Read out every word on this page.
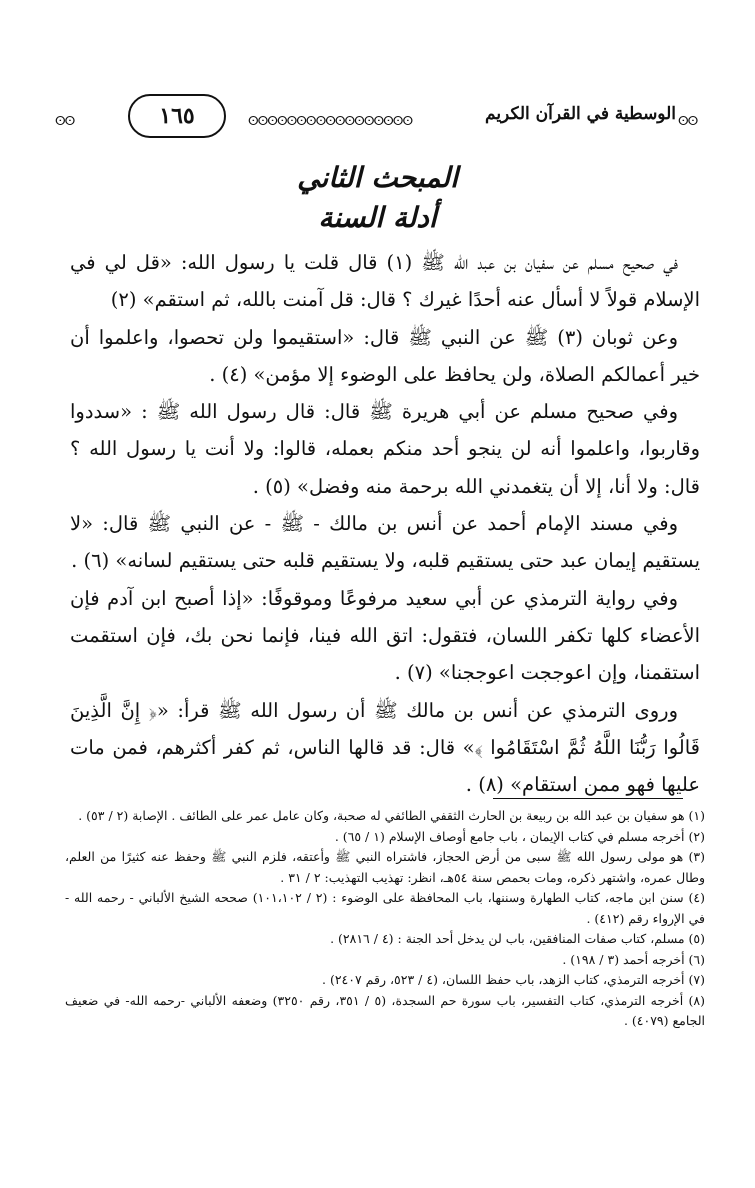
ⵙⵙ	١٦٥	ⵙⵙⵙⵙⵙⵙⵙⵙⵙⵙⵙⵙⵙⵙⵙⵙⵙ	الوسطية في القرآن الكريم ⵙⵙ
المبحث الثاني
أدلة السنة

في صحيح مسلم عن سفيان بن عبد الله ﷺ (١) قال قلت يا رسول الله: «قل لي في الإسلام قولاً لا أسأل عنه أحدًا غيرك ؟ قال: قل آمنت بالله، ثم استقم» (٢)

وعن ثوبان (٣) ﷺ عن النبي ﷺ قال: «استقيموا ولن تحصوا، واعلموا أن خير أعمالكم الصلاة، ولن يحافظ على الوضوء إلا مؤمن» (٤) .

وفي صحيح مسلم عن أبي هريرة ﷺ قال: قال رسول الله ﷺ : «سددوا وقاربوا، واعلموا أنه لن ينجو أحد منكم بعمله، قالوا: ولا أنت يا رسول الله ؟ قال: ولا أنا، إلا أن يتغمدني الله برحمة منه وفضل» (٥) .

وفي مسند الإمام أحمد عن أنس بن مالك - ﷺ - عن النبي ﷺ قال: «لا يستقيم إيمان عبد حتى يستقيم قلبه، ولا يستقيم قلبه حتى يستقيم لسانه» (٦) .

وفي رواية الترمذي عن أبي سعيد مرفوعًا وموقوفًا: «إذا أصبح ابن آدم فإن الأعضاء كلها تكفر اللسان، فتقول: اتق الله فينا، فإنما نحن بك، فإن استقمت استقمنا، وإن اعوججت اعوججنا» (٧) .

وروى الترمذي عن أنس بن مالك ﷺ أن رسول الله ﷺ قرأ: «﴿ إِنَّ الَّذِينَ قَالُوا رَبُّنَا اللَّهُ ثُمَّ اسْتَقَامُوا ﴾» قال: قد قالها الناس، ثم كفر أكثرهم، فمن مات عليها فهو ممن استقام» (٨) .

(١) هو سفيان بن عبد الله بن ربيعة بن الحارث الثقفي الطائفي له صحبة، وكان عامل عمر على الطائف . الإصابة (٢ / ٥٣) .

(٢) أخرجه مسلم في كتاب الإيمان ، باب جامع أوصاف الإسلام (١ / ٦٥) .

(٣) هو مولى رسول الله ﷺ سبى من أرض الحجاز، فاشتراه النبي ﷺ وأعتقه، فلزم النبي ﷺ وحفظ عنه كثيرًا من العلم، وطال عمره، واشتهر ذكره، ومات بحمص سنة ٥٤هـ، انظر: تهذيب التهذيب: ٢ / ٣١ .

(٤) سنن ابن ماجه، كتاب الطهارة وسننها، باب المحافظة على الوضوء : (٢ / ١٠١،١٠٢) صححه الشيخ الألباني - رحمه الله - في الإرواء رقم (٤١٢) .

(٥) مسلم، كتاب صفات المنافقين، باب لن يدخل أحد الجنة : (٤ / ٢٨١٦) .

(٦) أخرجه أحمد (٣ / ١٩٨) .

(٧) أخرجه الترمذي، كتاب الزهد، باب حفظ اللسان، (٤ / ٥٢٣، رقم ٢٤٠٧) .

(٨) أخرجه الترمذي، كتاب التفسير، باب سورة حم السجدة، (٥ / ٣٥١، رقم ٣٢٥٠) وضعفه الألباني -رحمه الله- في ضعيف الجامع (٤٠٧٩) .
